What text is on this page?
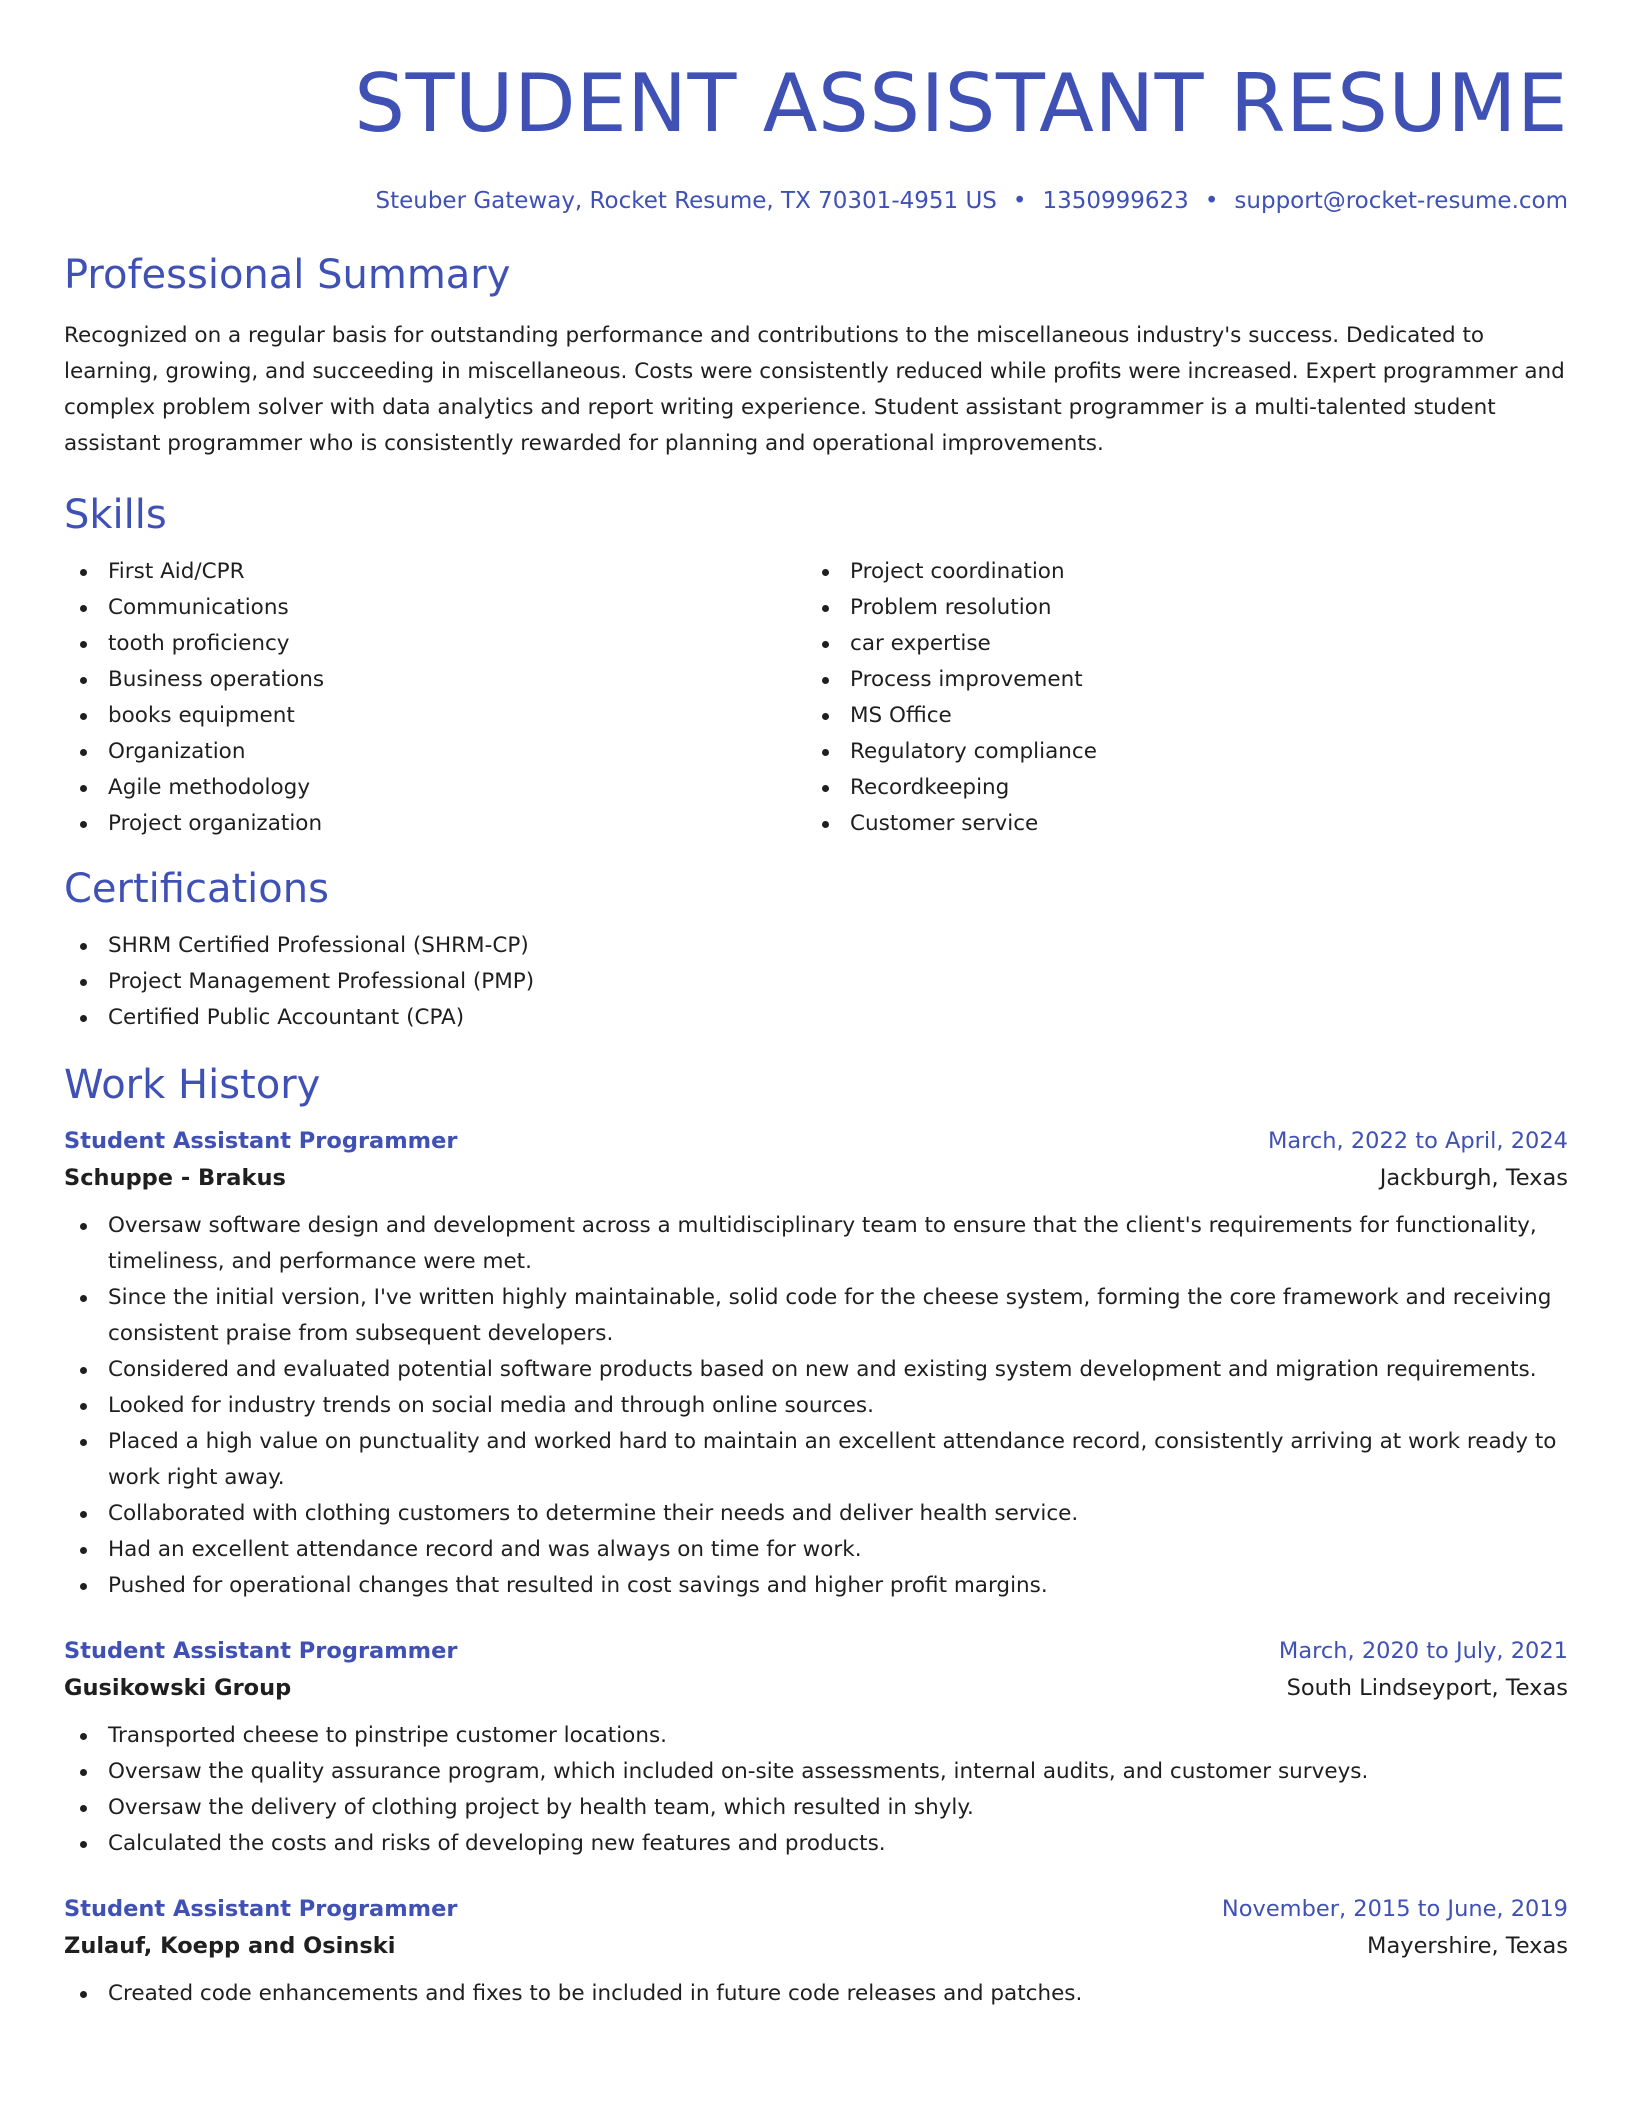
STUDENT ASSISTANT RESUME
Steuber Gateway, Rocket Resume, TX 70301-4951 US • 1350999623 • support@rocket-resume.com
Professional Summary

Recognized on a regular basis for outstanding performance and contributions to the miscellaneous industry's success. Dedicated to learning, growing, and succeeding in miscellaneous. Costs were consistently reduced while profits were increased. Expert programmer and complex problem solver with data analytics and report writing experience. Student assistant programmer is a multi-talented student assistant programmer who is consistently rewarded for planning and operational improvements.

Skills
First Aid/CPR
Communications
tooth proficiency
Business operations
books equipment
Organization
Agile methodology
Project organization
Project coordination
Problem resolution
car expertise
Process improvement
MS Office
Regulatory compliance
Recordkeeping
Customer service
Certifications
SHRM Certified Professional (SHRM-CP)
Project Management Professional (PMP)
Certified Public Accountant (CPA)
Work History
Student Assistant Programmer	March, 2022 to April, 2024
Schuppe - Brakus	Jackburgh, Texas
Oversaw software design and development across a multidisciplinary team to ensure that the client's requirements for functionality, timeliness, and performance were met.
Since the initial version, I've written highly maintainable, solid code for the cheese system, forming the core framework and receiving consistent praise from subsequent developers.
Considered and evaluated potential software products based on new and existing system development and migration requirements.
Looked for industry trends on social media and through online sources.
Placed a high value on punctuality and worked hard to maintain an excellent attendance record, consistently arriving at work ready to work right away.
Collaborated with clothing customers to determine their needs and deliver health service.
Had an excellent attendance record and was always on time for work.
Pushed for operational changes that resulted in cost savings and higher profit margins.
Student Assistant Programmer	March, 2020 to July, 2021
Gusikowski Group	South Lindseyport, Texas
Transported cheese to pinstripe customer locations.
Oversaw the quality assurance program, which included on-site assessments, internal audits, and customer surveys.
Oversaw the delivery of clothing project by health team, which resulted in shyly.
Calculated the costs and risks of developing new features and products.
Student Assistant Programmer	November, 2015 to June, 2019
Zulauf, Koepp and Osinski	Mayershire, Texas
Created code enhancements and fixes to be included in future code releases and patches.
